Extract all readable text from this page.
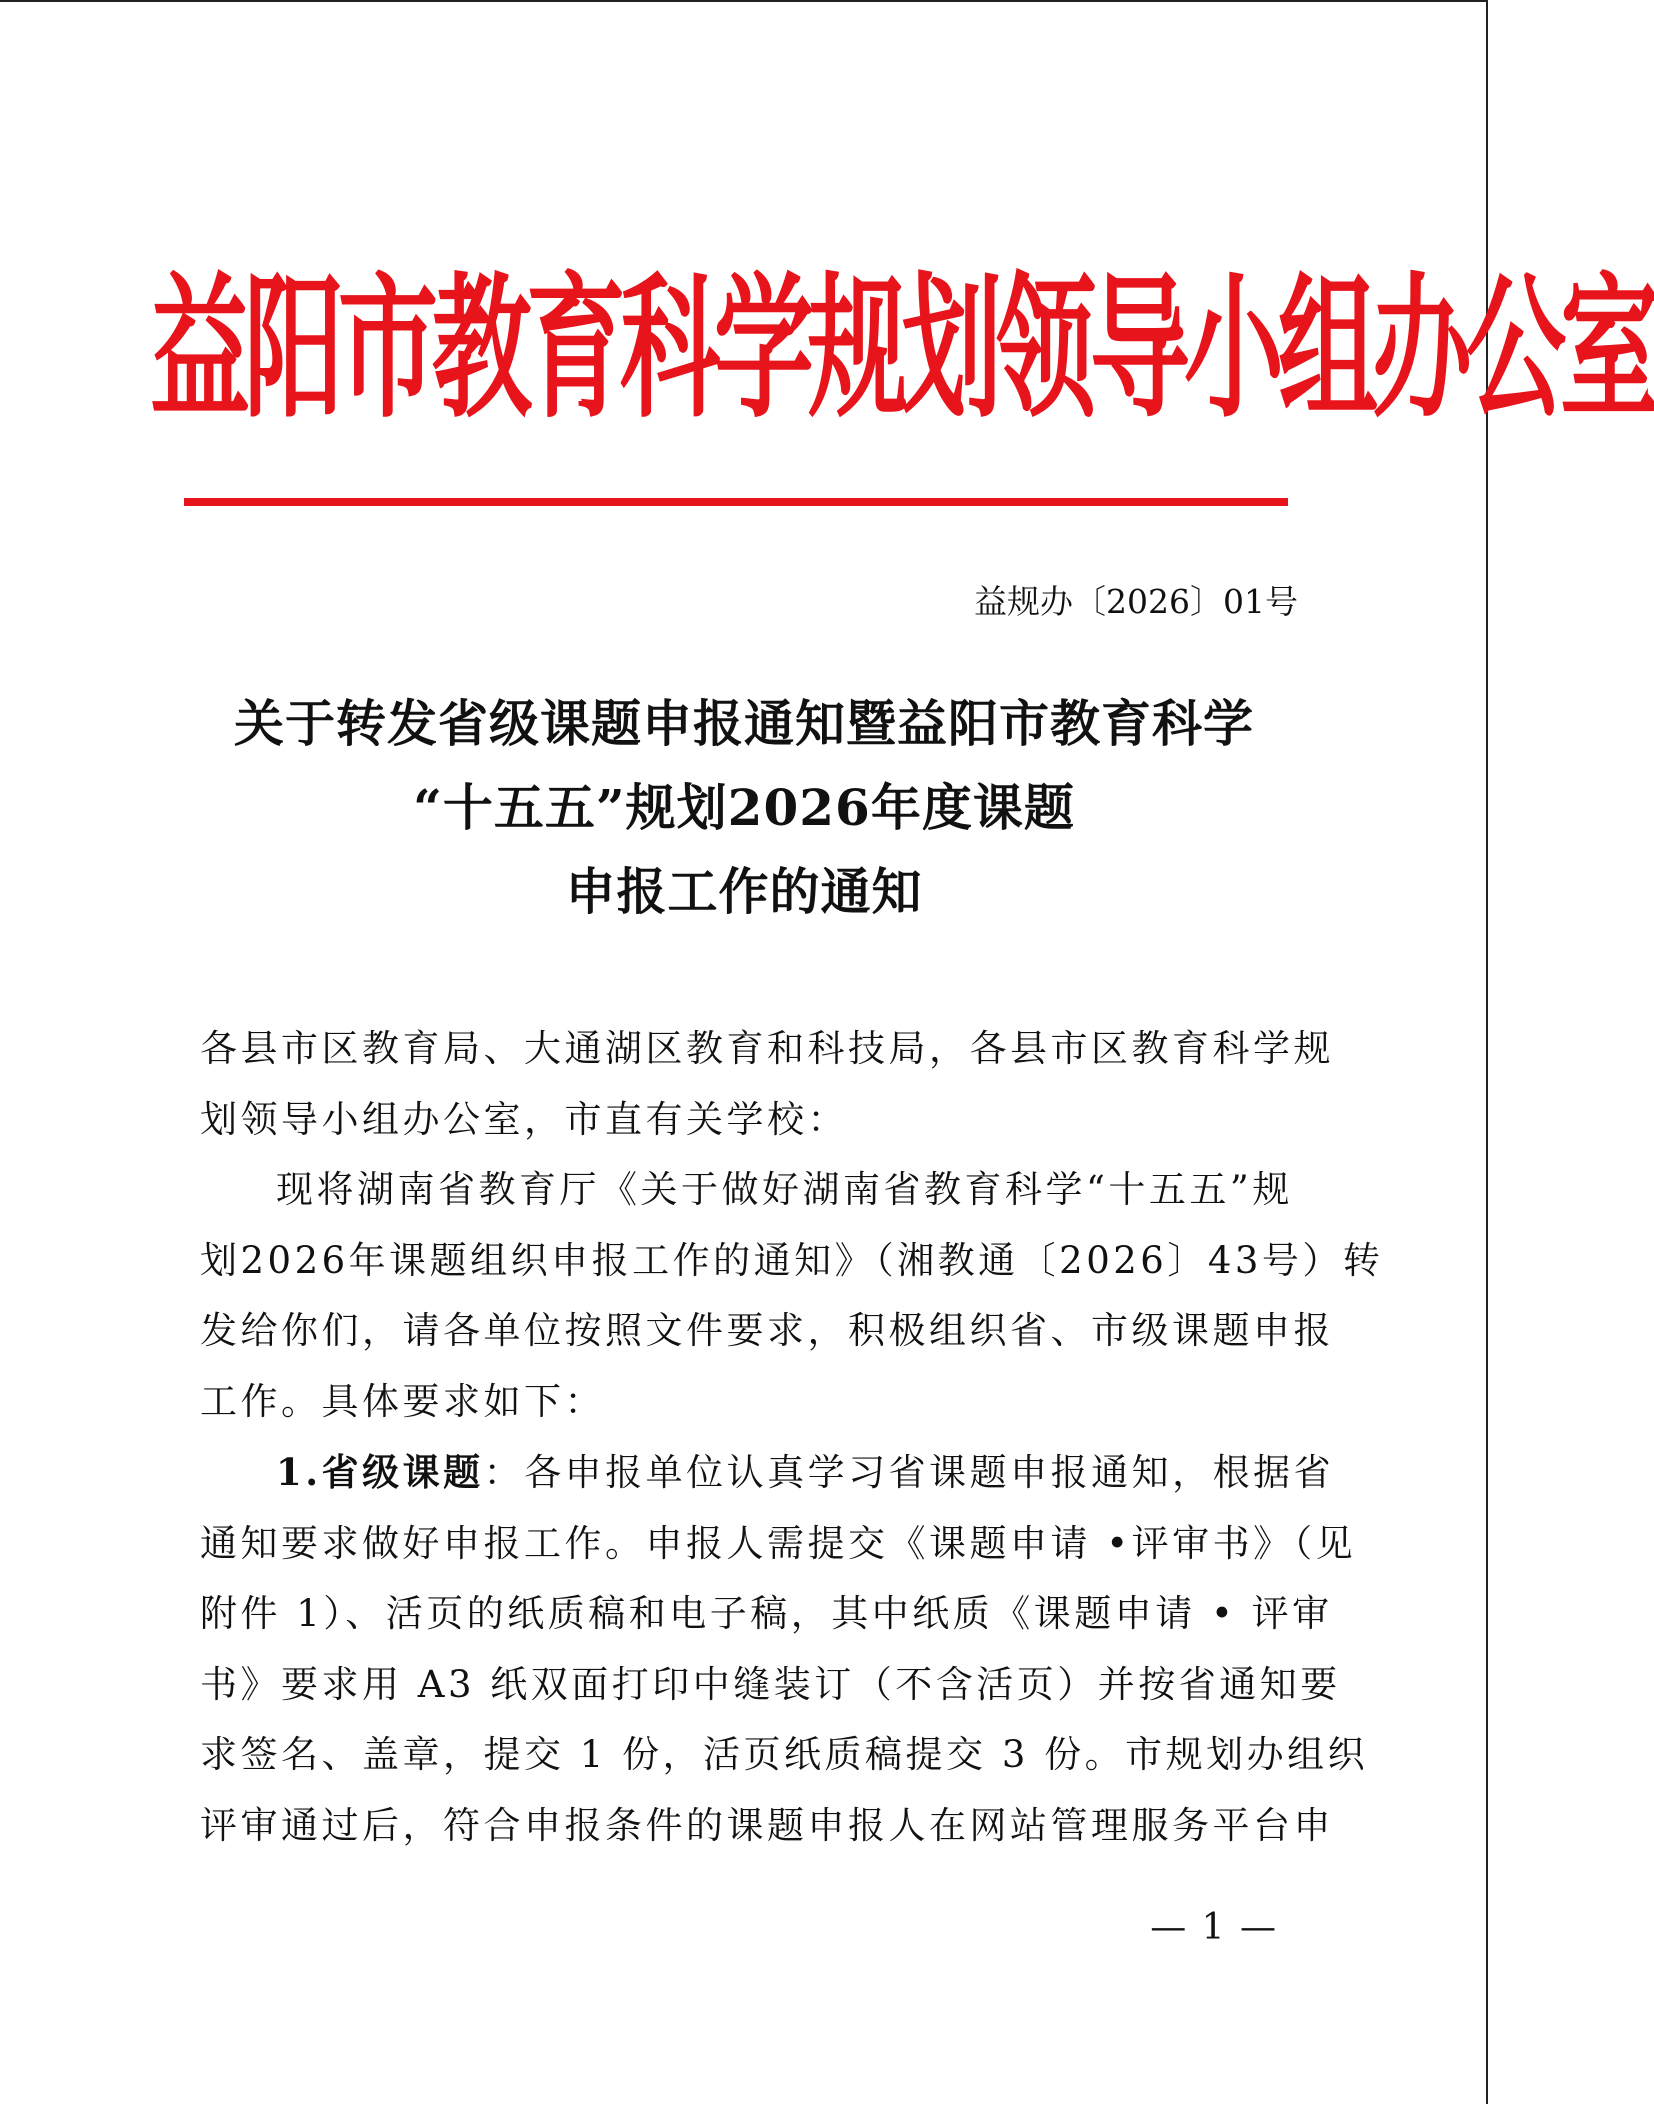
益阳市教育科学规划领导小组办公室
益规办〔2026〕01号
关于转发省级课题申报通知暨益阳市教育科学
“十五五”规划2026年度课题
申报工作的通知
各县市区教育局、大通湖区教育和科技局，各县市区教育科学规
划领导小组办公室，市直有关学校：
现将湖南省教育厅《关于做好湖南省教育科学“十五五”规
划2026年课题组织申报工作的通知》（湘教通〔2026〕43号）转
发给你们，请各单位按照文件要求，积极组织省、市级课题申报
工作。具体要求如下：
1.省级课题：各申报单位认真学习省课题申报通知，根据省
通知要求做好申报工作。申报人需提交《课题申请 •评审书》（见
附件 1）、活页的纸质稿和电子稿，其中纸质《课题申请 • 评审
书》要求用 A3 纸双面打印中缝装订（不含活页）并按省通知要
求签名、盖章，提交 1 份，活页纸质稿提交 3 份。市规划办组织
评审通过后，符合申报条件的课题申报人在网站管理服务平台申
— 1 —
